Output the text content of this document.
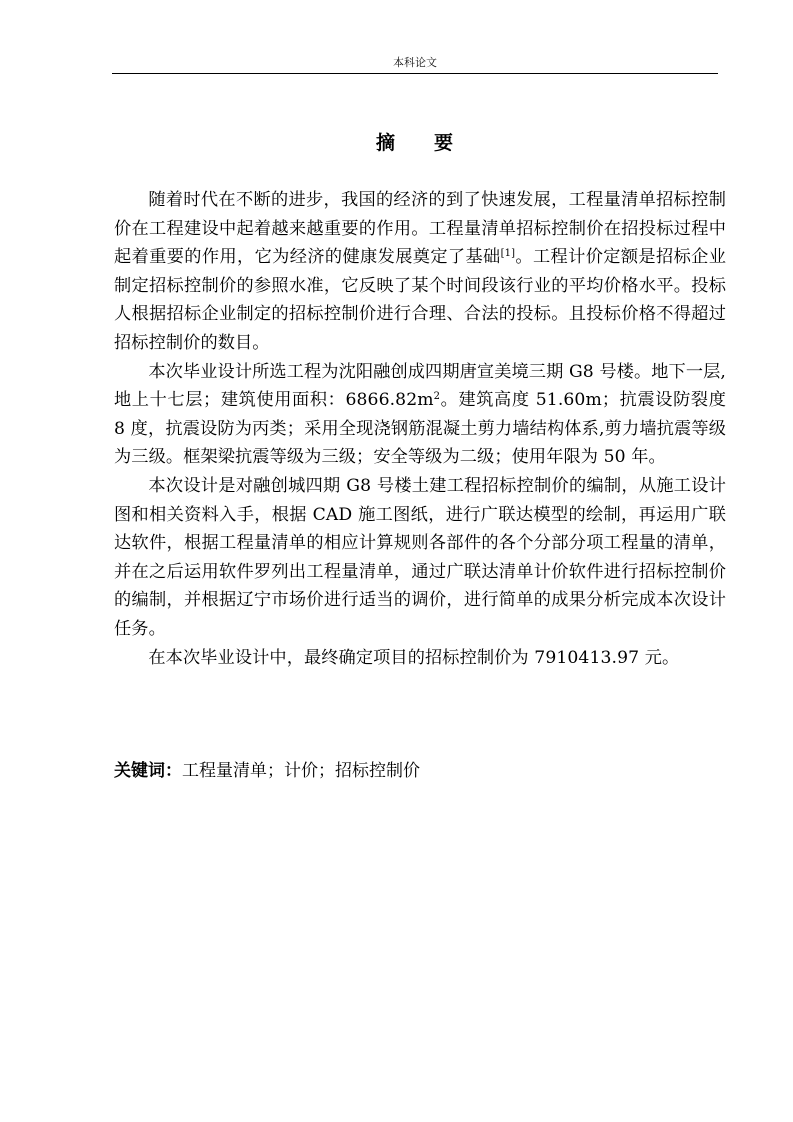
本科论文
摘 要

随着时代在不断的进步，我国的经济的到了快速发展，工程量清单招标控制价在工程建设中起着越来越重要的作用。工程量清单招标控制价在招投标过程中起着重要的作用，它为经济的健康发展奠定了基础[1]。工程计价定额是招标企业制定招标控制价的参照水准，它反映了某个时间段该行业的平均价格水平。投标人根据招标企业制定的招标控制价进行合理、合法的投标。且投标价格不得超过招标控制价的数目。

本次毕业设计所选工程为沈阳融创成四期唐宣美境三期 G8 号楼。地下一层,地上十七层；建筑使用面积：$6866.82m^2$。建筑高度 51.60m；抗震设防裂度 8 度，抗震设防为丙类；采用全现浇钢筋混凝土剪力墙结构体系,剪力墙抗震等级为三级。框架梁抗震等级为三级；安全等级为二级；使用年限为 50 年。

本次设计是对融创城四期 G8 号楼土建工程招标控制价的编制，从施工设计图和相关资料入手，根据 CAD 施工图纸，进行广联达模型的绘制，再运用广联达软件，根据工程量清单的相应计算规则各部件的各个分部分项工程量的清单，并在之后运用软件罗列出工程量清单，通过广联达清单计价软件进行招标控制价的编制，并根据辽宁市场价进行适当的调价，进行简单的成果分析完成本次设计任务。

在本次毕业设计中，最终确定项目的招标控制价为 7910413.97 元。

关键词：工程量清单；计价；招标控制价
